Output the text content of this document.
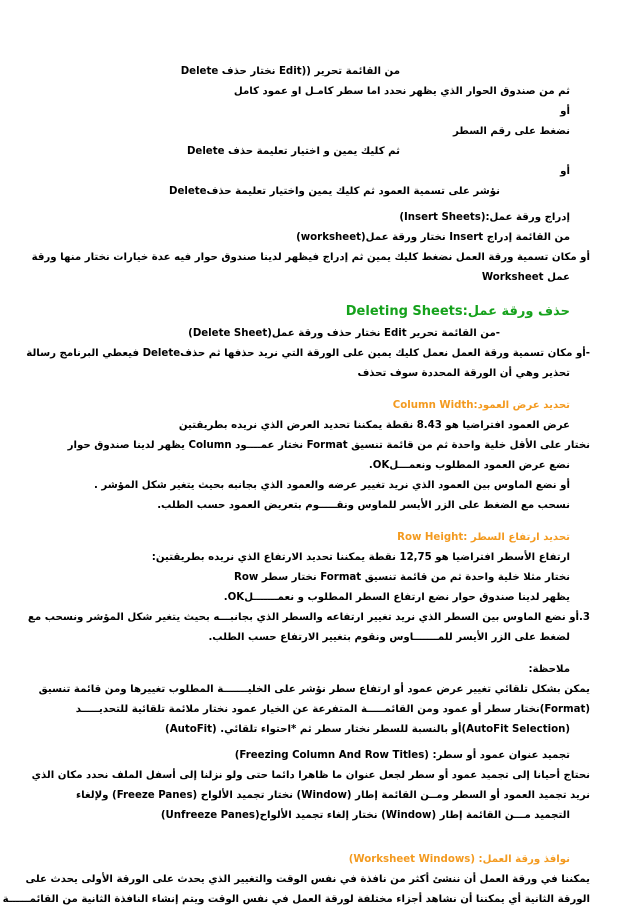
من القائمة تحرير ((Edit نختار حذف Delete
ثم من صندوق الحوار الذي يظهر نحدد اما سطر كامـل او عمود كامل
أو
نضغط على رقم السطر
ثم كليك يمين و اختيار تعليمة حذف Delete
أو
نؤشر على تسمية العمود ثم كليك يمين واختيار تعليمة حذفDelete
إدراج ورقة عمل:(Insert Sheets)
من القائمة إدراج Insert نختار ورقة عمل(worksheet)
أو مكان تسمية ورقة العمل نضغط كليك يمين ثم إدراج فيظهر لدينا صندوق حوار فيه عدة خيارات نختار منها ورقة
عمل Worksheet
حذف ورقة عمل:Deleting Sheets
-من القائمة تحرير Edit نختار حذف ورقة عمل(Delete Sheet)
-أو مكان تسمية ورقة العمل نعمل كليك يمين على الورقة التي نريد حذفها ثم حذفDelete فيعطي البرنامج رسالة
تحذير وهي أن الورقة المحددة سوف تحذف
تحديد عرض العمود:Column Width
عرض العمود افتراضيا هو 8.43 نقطة يمكننا تحديد العرض الذي نريده بطريقتين
نختار على الأقل خلية واحدة ثم من قائمة تنسيق Format نختار عمــــود Column يظهر لدينا صندوق حوار
نضع عرض العمود المطلوب ونعمـــلOK.
أو نضع الماوس بين العمود الذي نريد تغيير عرضه والعمود الذي بجانبه بحيث يتغير شكل المؤشر .
نسحب مع الضغط على الزر الأيسر للماوس ونقـــــوم بتعريض العمود حسب الطلب.
تحديد ارتفاع السطر :Row Height
ارتفاع الأسطر افتراضيا هو 12,75 نقطة يمكننا تحديد الارتفاع الذي نريده بطريقتين:
نختار مثلا خلية واحدة ثم من قائمة تنسيق Format نختار سطر Row
يظهر لدينا صندوق حوار نضع ارتفاع السطر المطلوب و نعمـــــــلOK.
3.أو نضع الماوس بين السطر الذي نريد تغيير ارتفاعه والسطر الذي بجانبـــه بحيث يتغير شكل المؤشر ونسحب مع
لضغط على الزر الأيسر للمـــــــاوس ونقوم بتغيير الارتفاع حسب الطلب.
ملاحظة:
يمكن بشكل تلقائي تغيير عرض عمود أو ارتفاع سطر نؤشر على الخليـــــــة المطلوب تغييرها ومن قائمة تنسيق
(Format)نختار سطر أو عمود ومن القائمـــــة المتفرعة عن الخيار عمود نختار ملائمة تلقائية للتحديـــــد
(AutoFit Selection)أو بالنسبة للسطر نختار سطر ثم *احتواء تلقائي. (AutoFit)
تجميد عنوان عمود أو سطر: (Freezing Column And Row Titles)
نحتاج أحيانا إلى تجميد عمود أو سطر لجعل عنوان ما ظاهرا دائما حتى ولو نزلنا إلى أسفل الملف نحدد مكان الذي
نريد تجميد العمود أو السطر ومــن القائمة إطار (Window) نختار تجميد الألواح (Freeze Panes) ولإلغاء
التجميد مـــن القائمة إطار (Window) نختار إلغاء تجميد الألواح(Unfreeze Panes)
نوافذ ورقة العمل: (Worksheet Windows)
يمكننا في ورقة العمل أن ننشئ أكثر من نافذة في نفس الوقت والتغيير الذي يحدث على الورقة الأولى يحدث على
الورقة الثانية أي يمكننا أن نشاهد أجزاء مختلفة لورقة العمل في نفس الوقت ويتم إنشاء النافذة الثانية من القائمــــــة
